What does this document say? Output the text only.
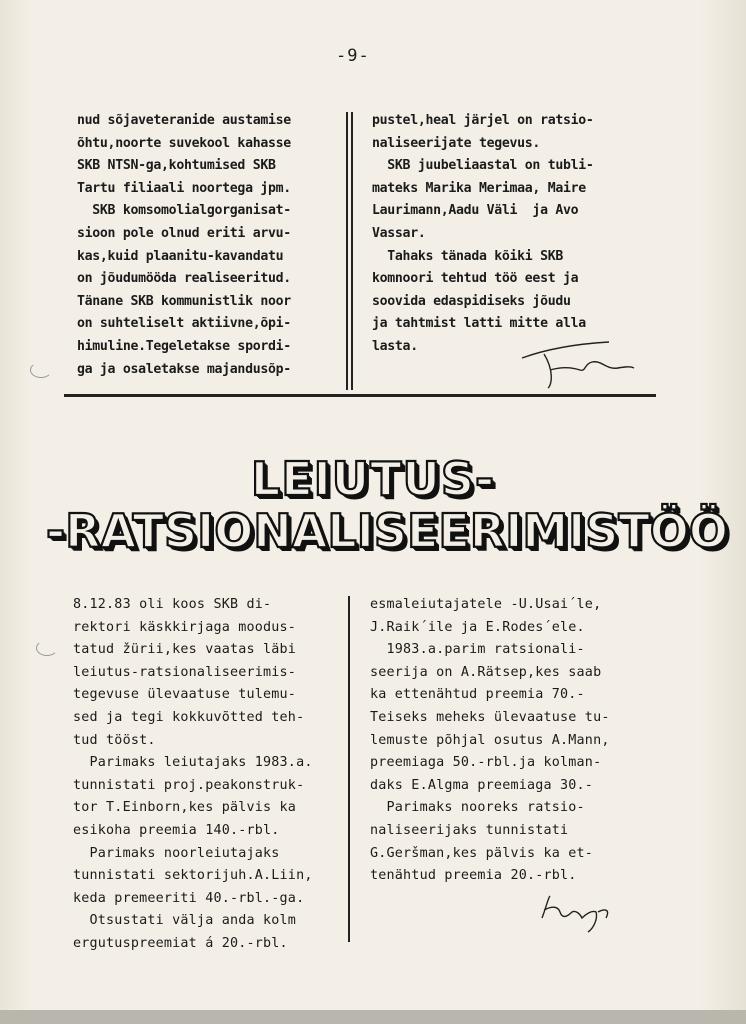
-9-
nud sõjaveteranide austamise
õhtu,noorte suvekool kahasse
SKB NTSN-ga,kohtumised SKB
Tartu filiaali noortega jpm.
SKB komsomolialgorganisat-
sioon pole olnud eriti arvu-
kas,kuid plaanitu-kavandatu
on jõudumööda realiseeritud.
Tänane SKB kommunistlik noor
on suhteliselt aktiivne,õpi-
himuline.Tegeletakse spordi-
ga ja osaletakse majandusõp-
pustel,heal järjel on ratsio-
naliseerijate tegevus.
SKB juubeliaastal on tubli-
mateks Marika Merimaa, Maire
Laurimann,Aadu Väli  ja Avo
Vassar.
Tahaks tänada kõiki SKB
komnoori tehtud töö eest ja
soovida edaspidiseks jõudu
ja tahtmist latti mitte alla
lasta.
LEIUTUS-
-RATSIONALISEERIMISTÖÖ
8.12.83 oli koos SKB di-
rektori käskkirjaga moodus-
tatud žürii,kes vaatas läbi
leiutus-ratsionaliseerimis-
tegevuse ülevaatuse tulemu-
sed ja tegi kokkuvõtted teh-
tud tööst.
Parimaks leiutajaks 1983.a.
tunnistati proj.peakonstruk-
tor T.Einborn,kes pälvis ka
esikoha preemia 140.-rbl.
Parimaks noorleiutajaks
tunnistati sektorijuh.A.Liin,
keda premeeriti 40.-rbl.-ga.
Otsustati välja anda kolm
ergutuspreemiat á 20.-rbl.
esmaleiutajatele -U.Usai´le,
J.Raik´ile ja E.Rodes´ele.
1983.a.parim ratsionali-
seerija on A.Rätsep,kes saab
ka ettenähtud preemia 70.-
Teiseks meheks ülevaatuse tu-
lemuste põhjal osutus A.Mann,
preemiaga 50.-rbl.ja kolman-
daks E.Algma preemiaga 30.-
Parimaks nooreks ratsio-
naliseerijaks tunnistati
G.Geršman,kes pälvis ka et-
tenähtud preemia 20.-rbl.
